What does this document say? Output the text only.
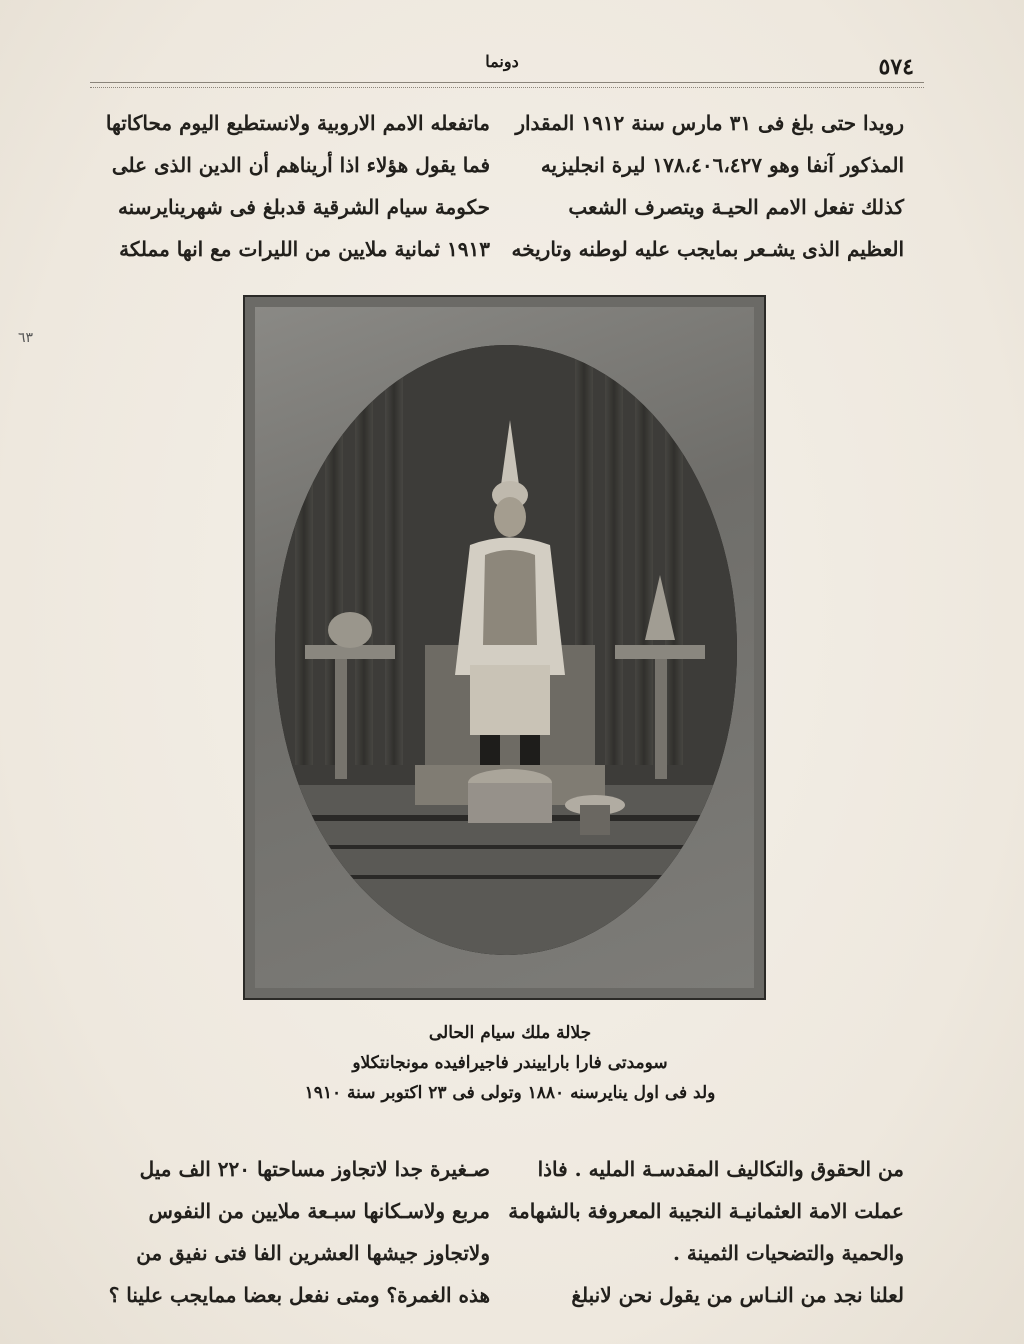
٥٧٤
دونما

رويدا حتى بلغ فى ٣١ مارس سنة ١٩١٢ المقدار

المذكور آنفا وهو ١٧٨،٤٠٦،٤٢٧ ليرة انجليزيه

كذلك تفعل الامم الحيـة ويتصرف الشعب

العظيم الذى يشـعر بمايجب عليه لوطنه وتاريخه

ماتفعله الامم الاروبية ولانستطيع اليوم محاكاتها

فما يقول هؤلاء اذا أريناهم أن الدين الذى على

حكومة سيام الشرقية قدبلغ فى شهرينايرسنه

١٩١٣ ثمانية ملايين من الليرات مع انها مملكة

جلالة ملك سيام الحالى
سومدتى فارا باراييندر فاجيرافيده مونجانتكلاو
ولد فى اول ينايرسنه ١٨٨٠ وتولى فى ٢٣ اكتوبر سنة ١٩١٠

من الحقوق والتكاليف المقدسـة المليه . فاذا

عملت الامة العثمانيـة النجيبة المعروفة بالشهامة

والحمية والتضحيات الثمينة .

لعلنا نجد من النـاس من يقول نحن لانبلغ

صـغيرة جدا لاتجاوز مساحتها ٢٢٠ الف ميل

مربع ولاسـكانها سبـعة ملايين من النفوس

ولاتجاوز جيشها العشرين الفا فتى نفيق من

هذه الغمرة؟ ومتى نفعل بعضا ممايجب علينا ؟

٦٣
